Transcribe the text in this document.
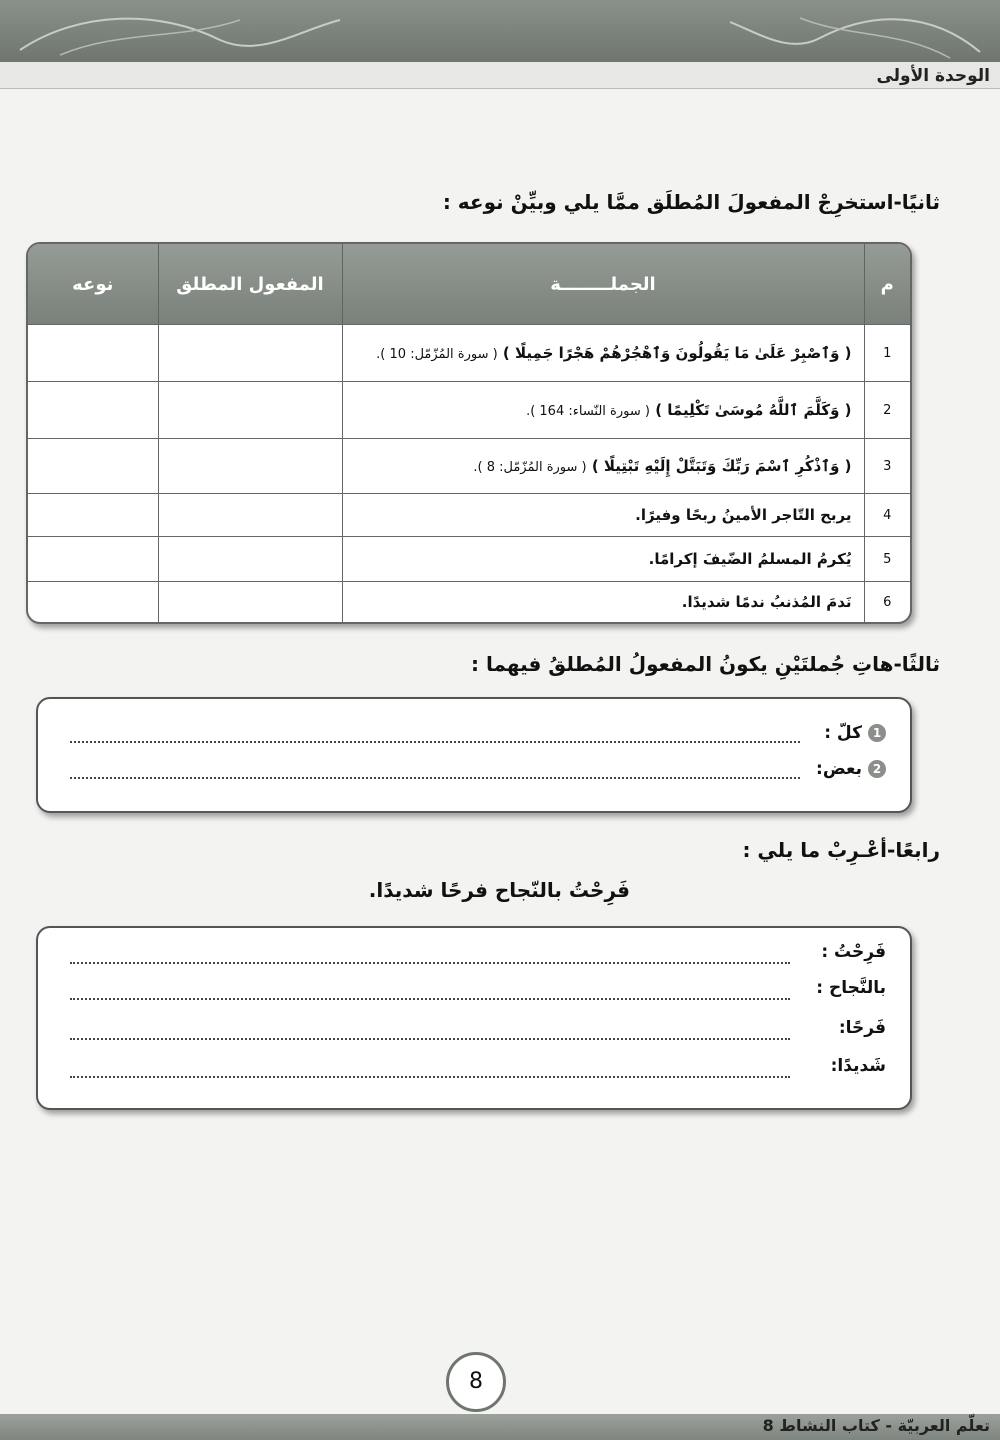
الوحدة الأولى
ثانيًا-استخرِجْ المفعولَ المُطلَق ممَّا يلي وبيِّنْ نوعه :
م	الجملــــــــة	المفعول المطلق	نوعه
1	( وَٱصْبِرْ عَلَىٰ مَا يَقُولُونَ وَٱهْجُرْهُمْ هَجْرًا جَمِيلًا ) ( سورة المُزّمّل: 10 ).		
2	( وَكَلَّمَ ٱللَّهُ مُوسَىٰ تَكْلِيمًا ) ( سورة النّساء: 164 ).		
3	( وَٱذْكُرِ ٱسْمَ رَبِّكَ وَتَبَتَّلْ إِلَيْهِ تَبْتِيلًا ) ( سورة المُزّمّل: 8 ).		
4	يربح التّاجر الأمينُ ربحًا وفيرًا.		
5	يُكرمُ المسلمُ الضّيفَ إكرامًا.		
6	نَدمَ المُذنبُ ندمًا شديدًا.		
ثالثًا-هاتِ جُملتَيْنِ يكونُ المفعولُ المُطلقُ فيهما :
1كلّ :
2بعض:
رابعًا-أعْـرِبْ ما يلي :
فَرِحْتُ بالنّجاح فرحًا شديدًا.
فَرِحْتُ :
بالنَّجاح :
فَرحًا:
شَديدًا:
8
تعلّم العربيّة - كتاب النشاط 8
